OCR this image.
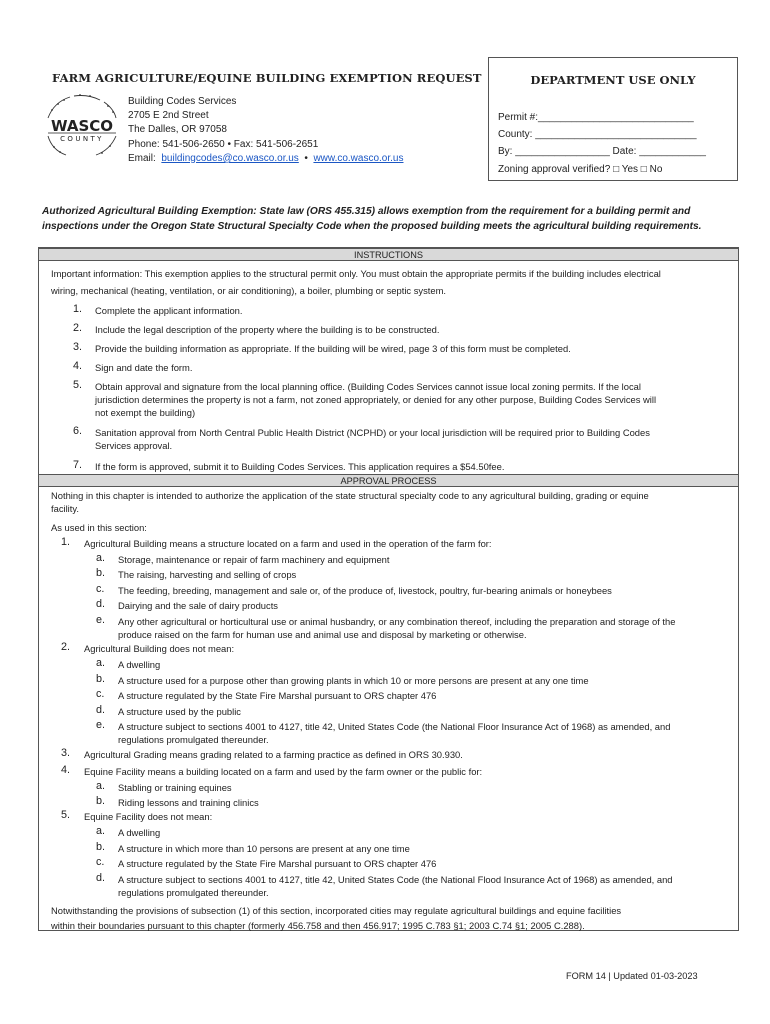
FARM AGRICULTURE/EQUINE BUILDING EXEMPTION REQUEST
WASCO
COUNTY
Building Codes Services
2705 E 2nd Street
The Dalles, OR 97058
Phone: 541-506-2650 • Fax: 541-506-2651
Email: buildingcodes@co.wasco.or.us • www.co.wasco.or.us
DEPARTMENT USE ONLY
Permit #:____________________________
County: _____________________________
By: _________________ Date: ____________
Zoning approval verified? □ Yes □ No
Authorized Agricultural Building Exemption: State law (ORS 455.315) allows exemption from the requirement for a building permit and inspections under the Oregon State Structural Specialty Code when the proposed building meets the agricultural building requirements.
INSTRUCTIONS
Important information: This exemption applies to the structural permit only. You must obtain the appropriate permits if the building includes electrical
wiring, mechanical (heating, ventilation, or air conditioning), a boiler, plumbing or septic system.
1. Complete the applicant information.
2. Include the legal description of the property where the building is to be constructed.
3. Provide the building information as appropriate. If the building will be wired, page 3 of this form must be completed.
4. Sign and date the form.
5. Obtain approval and signature from the local planning office. (Building Codes Services cannot issue local zoning permits. If the local
jurisdiction determines the property is not a farm, not zoned appropriately, or denied for any other purpose, Building Codes Services will
not exempt the building)
6. Sanitation approval from North Central Public Health District (NCPHD) or your local jurisdiction will be required prior to Building Codes
Services approval.
7. If the form is approved, submit it to Building Codes Services. This application requires a $54.50fee.
APPROVAL PROCESS
Nothing in this chapter is intended to authorize the application of the state structural specialty code to any agricultural building, grading or equine
facility.
As used in this section:
1. Agricultural Building means a structure located on a farm and used in the operation of the farm for:
a. Storage, maintenance or repair of farm machinery and equipment
b. The raising, harvesting and selling of crops
c. The feeding, breeding, management and sale or, of the produce of, livestock, poultry, fur-bearing animals or honeybees
d. Dairying and the sale of dairy products
e. Any other agricultural or horticultural use or animal husbandry, or any combination thereof, including the preparation and storage of the
produce raised on the farm for human use and animal use and disposal by marketing or otherwise.
2. Agricultural Building does not mean:
a. A dwelling
b. A structure used for a purpose other than growing plants in which 10 or more persons are present at any one time
c. A structure regulated by the State Fire Marshal pursuant to ORS chapter 476
d. A structure used by the public
e. A structure subject to sections 4001 to 4127, title 42, United States Code (the National Floor Insurance Act of 1968) as amended, and
regulations promulgated thereunder.
3. Agricultural Grading means grading related to a farming practice as defined in ORS 30.930.
4. Equine Facility means a building located on a farm and used by the farm owner or the public for:
a. Stabling or training equines
b. Riding lessons and training clinics
5. Equine Facility does not mean:
a. A dwelling
b. A structure in which more than 10 persons are present at any one time
c. A structure regulated by the State Fire Marshal pursuant to ORS chapter 476
d. A structure subject to sections 4001 to 4127, title 42, United States Code (the National Flood Insurance Act of 1968) as amended, and
regulations promulgated thereunder.
Notwithstanding the provisions of subsection (1) of this section, incorporated cities may regulate agricultural buildings and equine facilities
within their boundaries pursuant to this chapter (formerly 456.758 and then 456.917; 1995 C.783 §1; 2003 C.74 §1; 2005 C.288).
FORM 14 | Updated 01-03-2023
